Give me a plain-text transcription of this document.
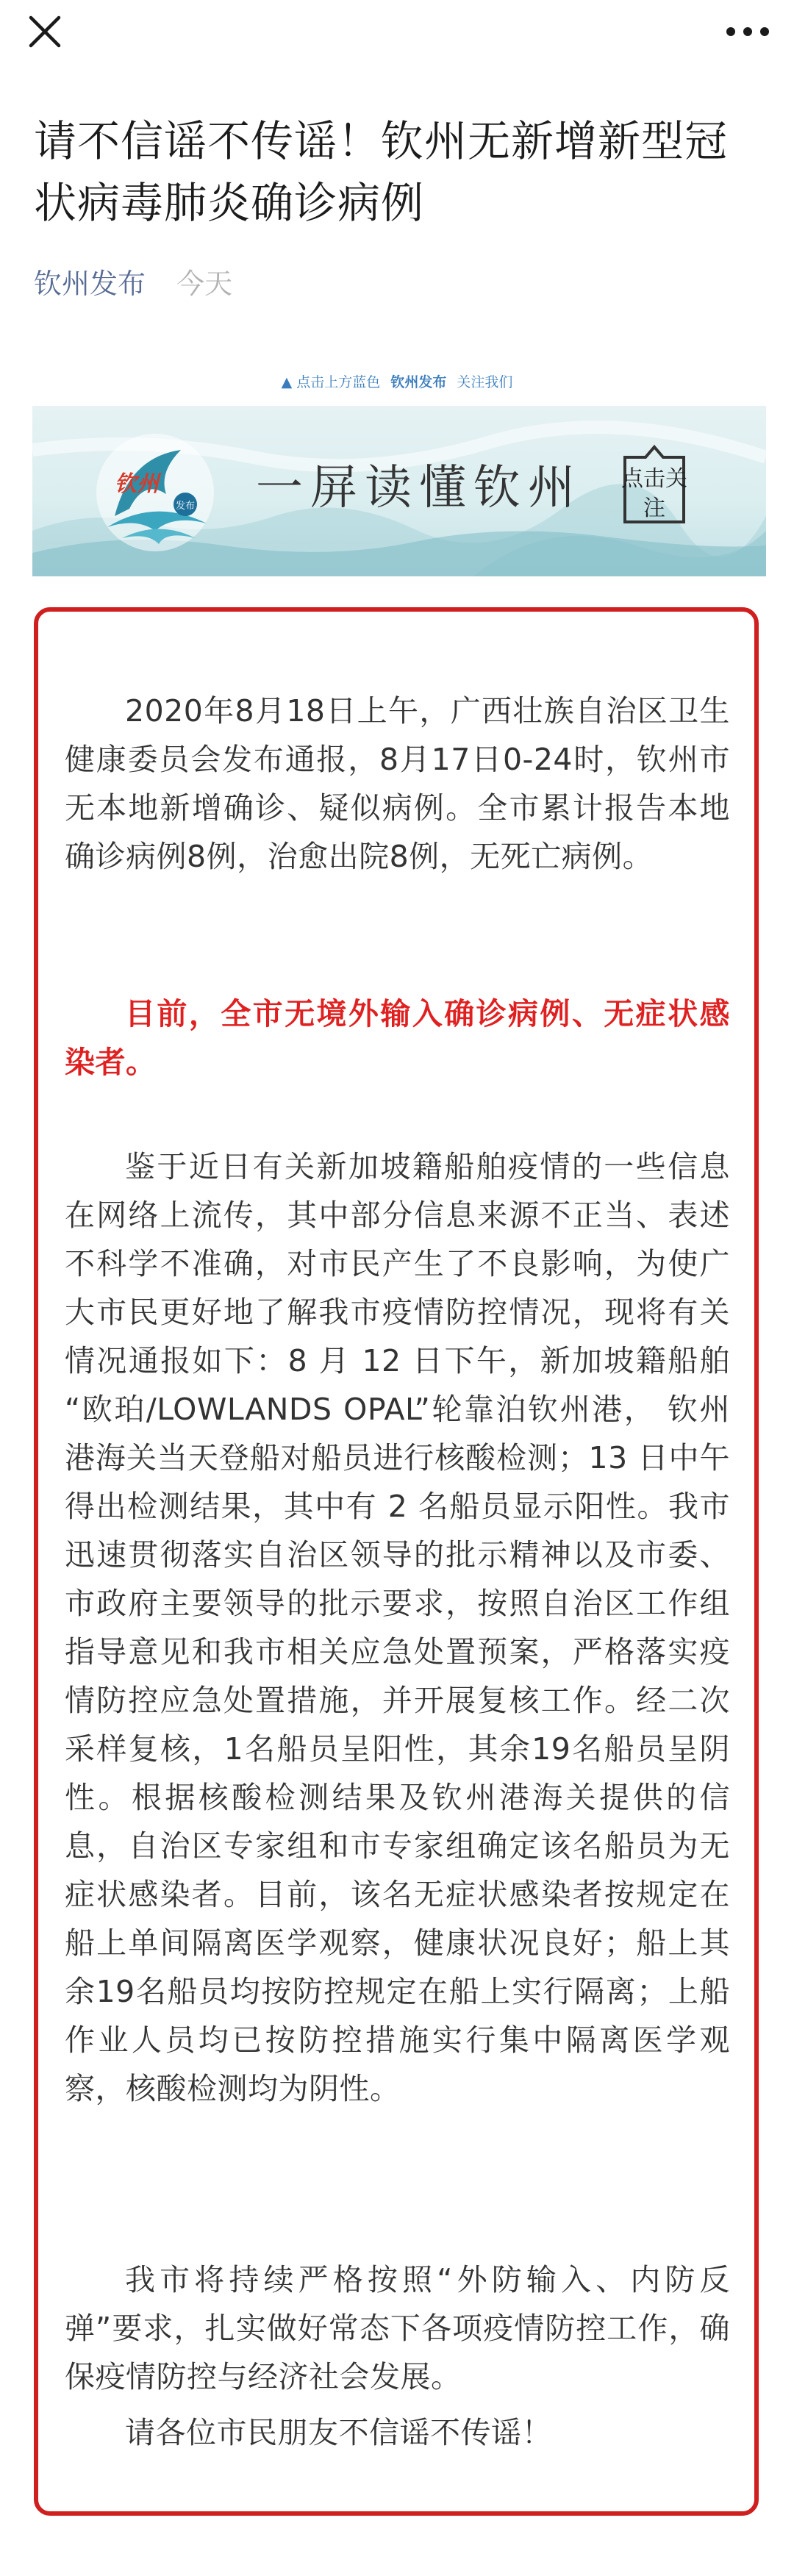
请不信谣不传谣！钦州无新增新型冠状病毒肺炎确诊病例
钦州发布 今天
▲ 点击上方蓝色 钦州发布 关注我们
钦州
发布 一屏读懂钦州 点击关注

2020年8月18日上午，广西壮族自治区卫生健康委员会发布通报，8月17日0-24时，钦州市无本地新增确诊、疑似病例。全市累计报告本地确诊病例8例，治愈出院8例，无死亡病例。

目前，全市无境外输入确诊病例、无症状感染者。

鉴于近日有关新加坡籍船舶疫情的一些信息在网络上流传，其中部分信息来源不正当、表述不科学不准确，对市民产生了不良影响，为使广大市民更好地了解我市疫情防控情况，现将有关情况通报如下：8 月 12 日下午，新加坡籍船舶 “欧珀/LOWLANDS OPAL”轮靠泊钦州港， 钦州港海关当天登船对船员进行核酸检测；13 日中午得出检测结果，其中有 2 名船员显示阳性。我市迅速贯彻落实自治区领导的批示精神以及市委、市政府主要领导的批示要求，按照自治区工作组指导意见和我市相关应急处置预案，严格落实疫情防控应急处置措施，并开展复核工作。经二次采样复核，1名船员呈阳性，其余19名船员呈阴性。根据核酸检测结果及钦州港海关提供的信息，自治区专家组和市专家组确定该名船员为无症状感染者。目前，该名无症状感染者按规定在船上单间隔离医学观察，健康状况良好；船上其余19名船员均按防控规定在船上实行隔离；上船作业人员均已按防控措施实行集中隔离医学观察，核酸检测均为阴性。

我市将持续严格按照“外防输入、内防反弹”要求，扎实做好常态下各项疫情防控工作，确保疫情防控与经济社会发展。

请各位市民朋友不信谣不传谣！
